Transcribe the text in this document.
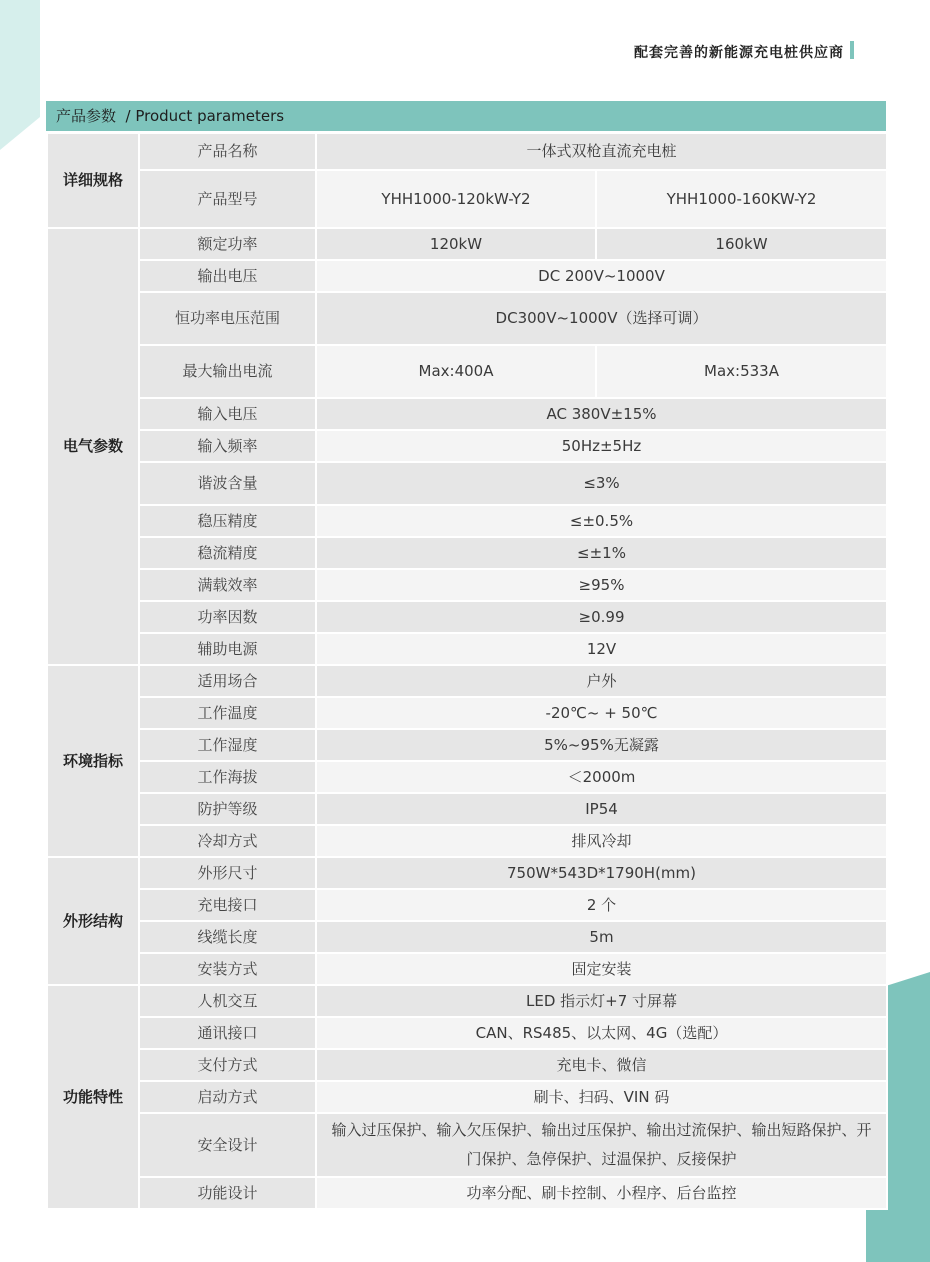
配套完善的新能源充电桩供应商
产品参数  / Product parameters
详细规格	产品名称	一体式双枪直流充电桩	
	产品型号	YHH1000-120kW-Y2	YHH1000-160KW-Y2
电气参数	额定功率	120kW	160kW
	输出电压	DC 200V~1000V	
	恒功率电压范围	DC300V~1000V（选择可调）	
	最大输出电流	Max:400A	Max:533A
	输入电压	AC 380V±15%	
	输入频率	50Hz±5Hz	
	谐波含量	≤3%	
	稳压精度	≤±0.5%	
	稳流精度	≤±1%	
	满载效率	≥95%	
	功率因数	≥0.99	
	辅助电源	12V	
环境指标	适用场合	户外	
	工作温度	-20℃~ + 50℃	
	工作湿度	5%~95%无凝露	
	工作海拔	＜2000m	
	防护等级	IP54	
	冷却方式	排风冷却	
外形结构	外形尺寸	750W*543D*1790H(mm)	
	充电接口	2 个	
	线缆长度	5m	
	安装方式	固定安装	
功能特性	人机交互	LED 指示灯+7 寸屏幕	
	通讯接口	CAN、RS485、以太网、4G（选配）	
	支付方式	充电卡、微信	
	启动方式	刷卡、扫码、VIN 码	
	安全设计	输入过压保护、输入欠压保护、输出过压保护、输出过流保护、输出短路保护、开门保护、急停保护、过温保护、反接保护	
	功能设计	功率分配、刷卡控制、小程序、后台监控	
